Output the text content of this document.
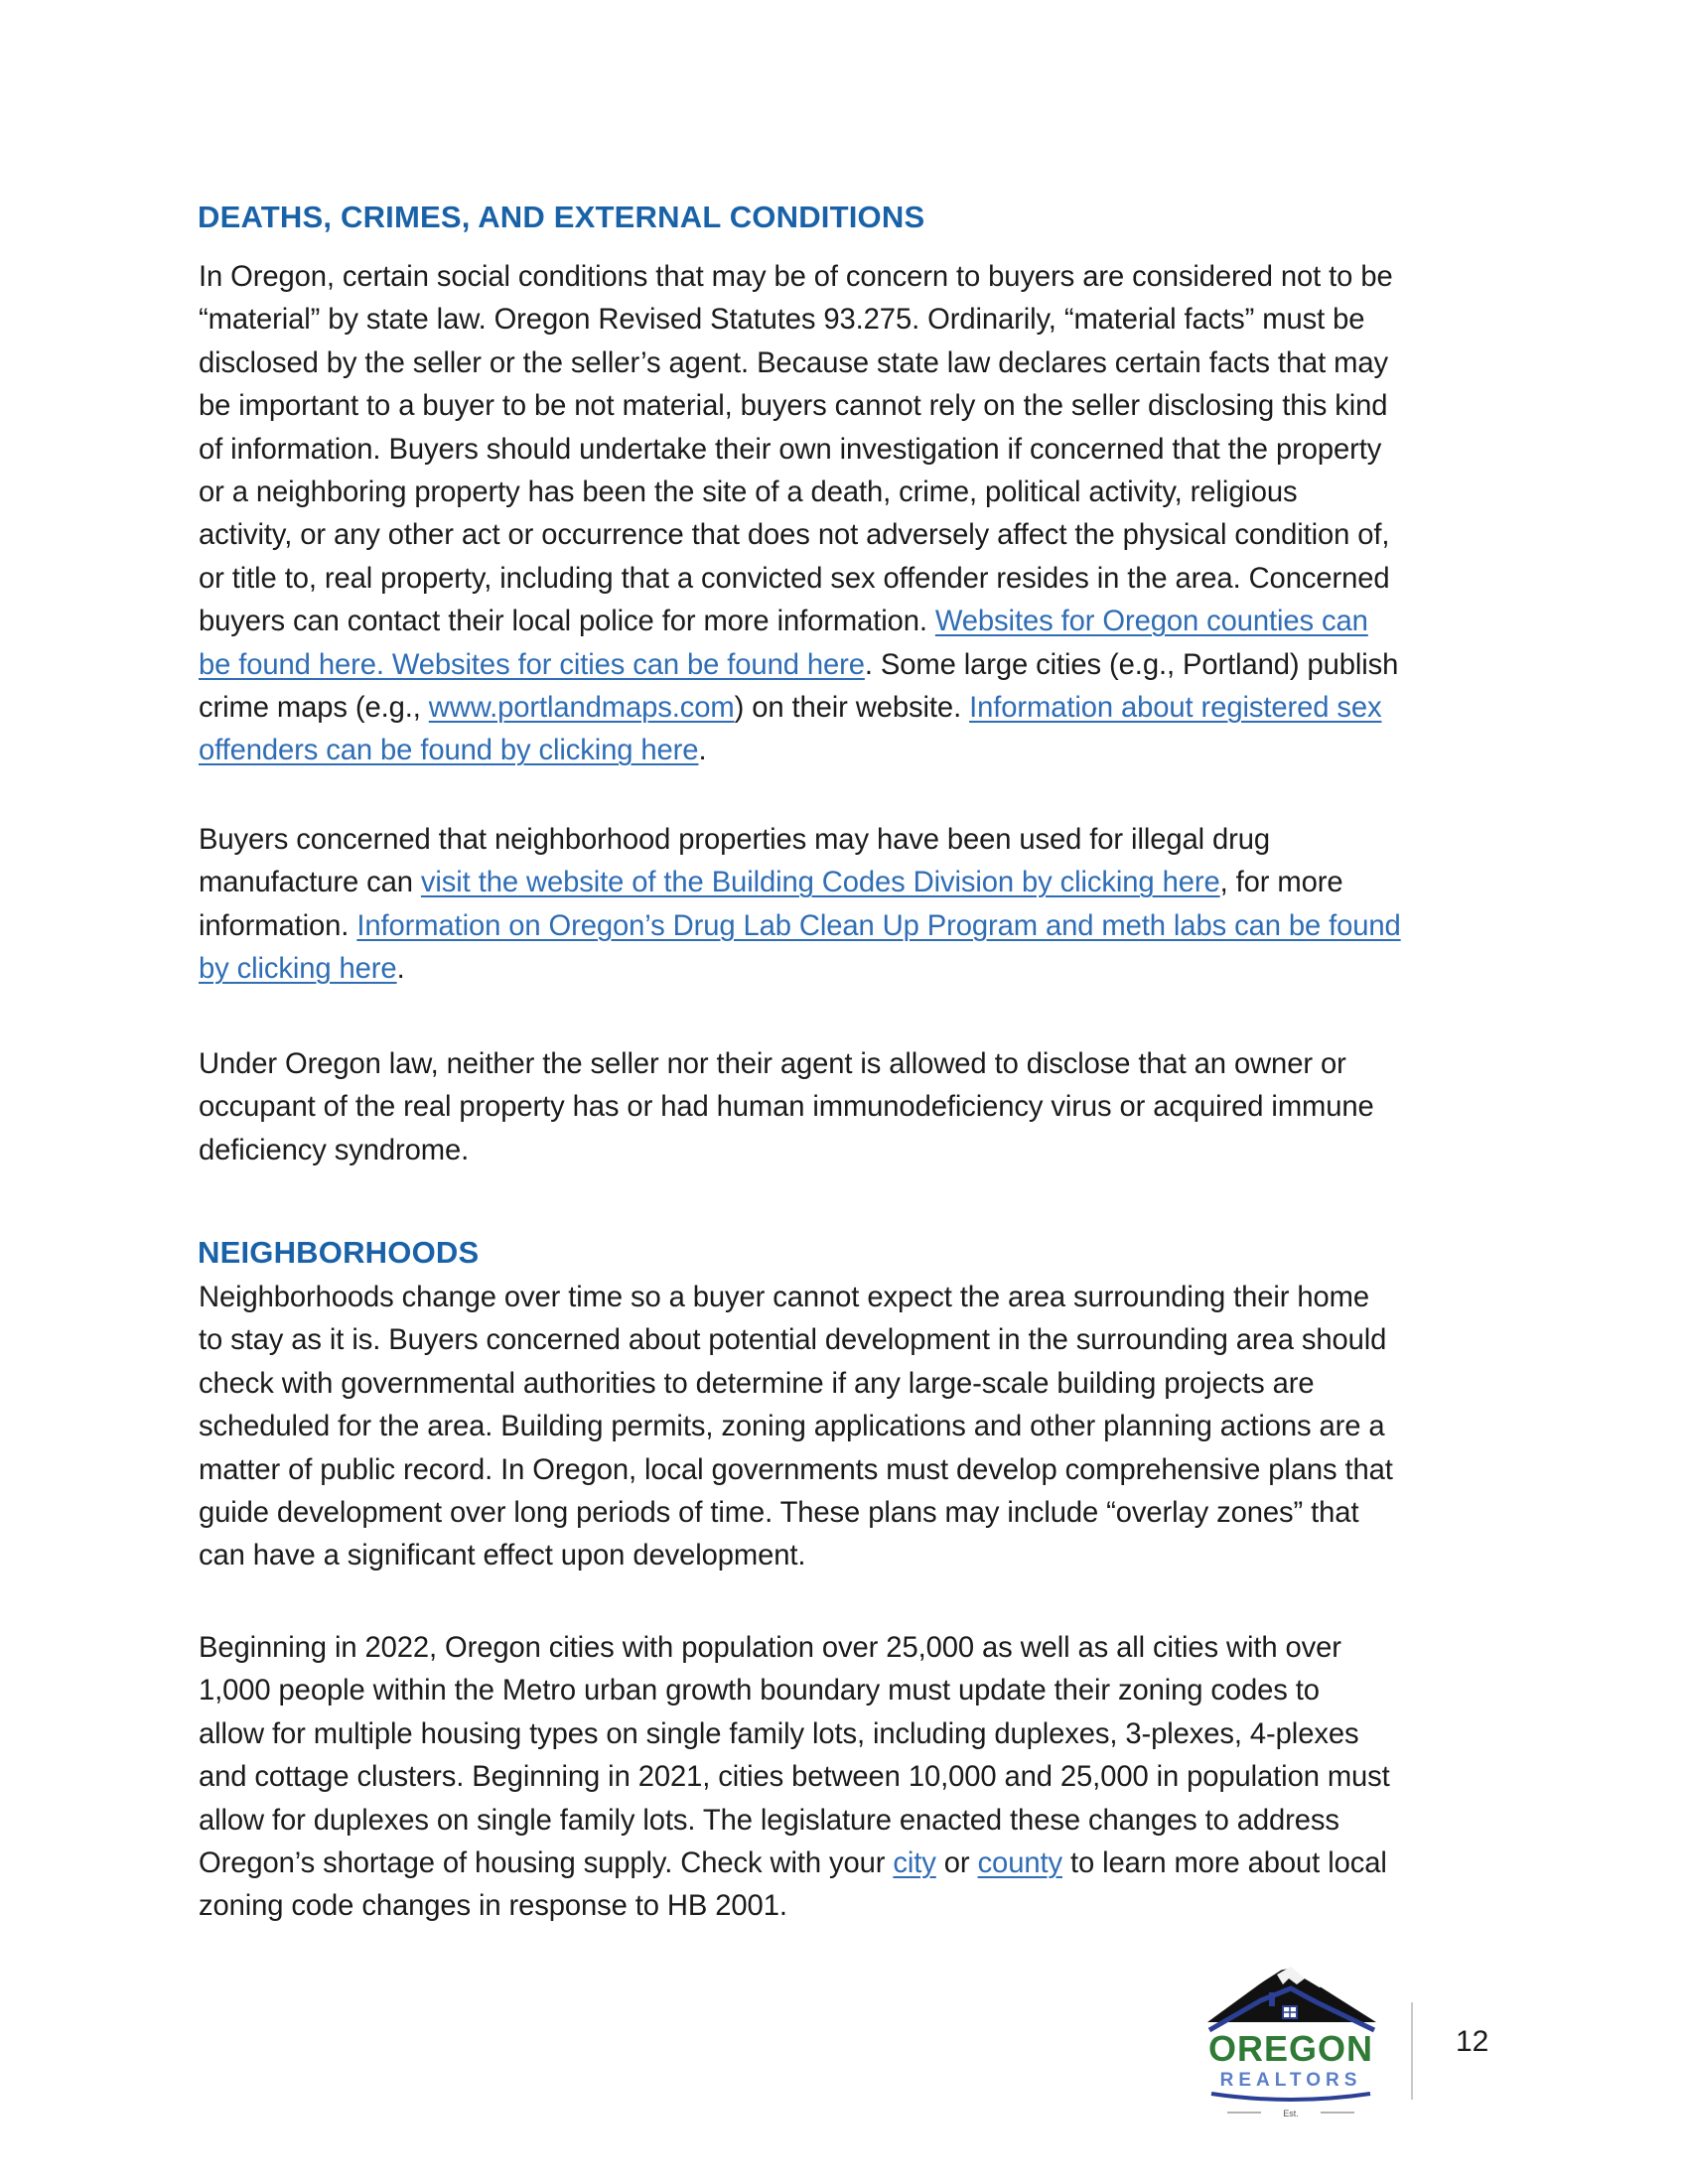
DEATHS, CRIMES, AND EXTERNAL CONDITIONS
In Oregon, certain social conditions that may be of concern to buyers are considered not to be
“material” by state law. Oregon Revised Statutes 93.275. Ordinarily, “material facts” must be
disclosed by the seller or the seller’s agent. Because state law declares certain facts that may
be important to a buyer to be not material, buyers cannot rely on the seller disclosing this kind
of information. Buyers should undertake their own investigation if concerned that the property
or a neighboring property has been the site of a death, crime, political activity, religious
activity, or any other act or occurrence that does not adversely affect the physical condition of,
or title to, real property, including that a convicted sex offender resides in the area. Concerned
buyers can contact their local police for more information. Websites for Oregon counties can
be found here. Websites for cities can be found here. Some large cities (e.g., Portland) publish
crime maps (e.g., www.portlandmaps.com) on their website. Information about registered sex
offenders can be found by clicking here.
Buyers concerned that neighborhood properties may have been used for illegal drug
manufacture can visit the website of the Building Codes Division by clicking here, for more
information. Information on Oregon’s Drug Lab Clean Up Program and meth labs can be found
by clicking here.
Under Oregon law, neither the seller nor their agent is allowed to disclose that an owner or
occupant of the real property has or had human immunodeficiency virus or acquired immune
deficiency syndrome.
NEIGHBORHOODS
Neighborhoods change over time so a buyer cannot expect the area surrounding their home
to stay as it is. Buyers concerned about potential development in the surrounding area should
check with governmental authorities to determine if any large-scale building projects are
scheduled for the area. Building permits, zoning applications and other planning actions are a
matter of public record. In Oregon, local governments must develop comprehensive plans that
guide development over long periods of time. These plans may include “overlay zones” that
can have a significant effect upon development.
Beginning in 2022, Oregon cities with population over 25,000 as well as all cities with over
1,000 people within the Metro urban growth boundary must update their zoning codes to
allow for multiple housing types on single family lots, including duplexes, 3-plexes, 4-plexes
and cottage clusters. Beginning in 2021, cities between 10,000 and 25,000 in population must
allow for duplexes on single family lots. The legislature enacted these changes to address
Oregon’s shortage of housing supply. Check with your city or county to learn more about local
zoning code changes in response to HB 2001.
OREGON
REALTORS
Est.
12
